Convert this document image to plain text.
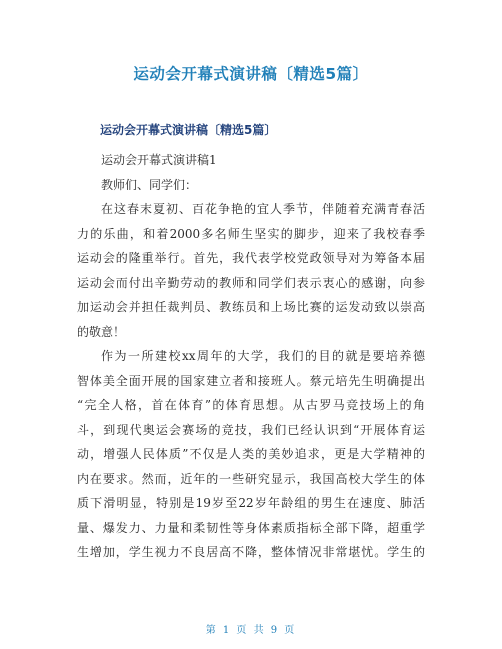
运动会开幕式演讲稿〔精选5篇〕
运动会开幕式演讲稿〔精选5篇〕
运动会开幕式演讲稿1
教师们、同学们：
在这春末夏初、百花争艳的宜人季节，伴随着充满青春活
力的乐曲，和着2000多名师生坚实的脚步，迎来了我校春季
运动会的隆重举行。首先，我代表学校党政领导对为筹备本届
运动会而付出辛勤劳动的教师和同学们表示衷心的感谢，向参
加运动会并担任裁判员、教练员和上场比赛的运发动致以崇高
的敬意！
作为一所建校xx周年的大学，我们的目的就是要培养德
智体美全面开展的国家建立者和接班人。蔡元培先生明确提出
“完全人格，首在体育”的体育思想。从古罗马竞技场上的角
斗，到现代奥运会赛场的竞技，我们已经认识到“开展体育运
动，增强人民体质”不仅是人类的美妙追求，更是大学精神的
内在要求。然而，近年的一些研究显示，我国高校大学生的体
质下滑明显，特别是19岁至22岁年龄组的男生在速度、肺活
量、爆发力、力量和柔韧性等身体素质指标全部下降，超重学
生增加，学生视力不良居高不降，整体情况非常堪忧。学生的
第 1 页 共 9 页
